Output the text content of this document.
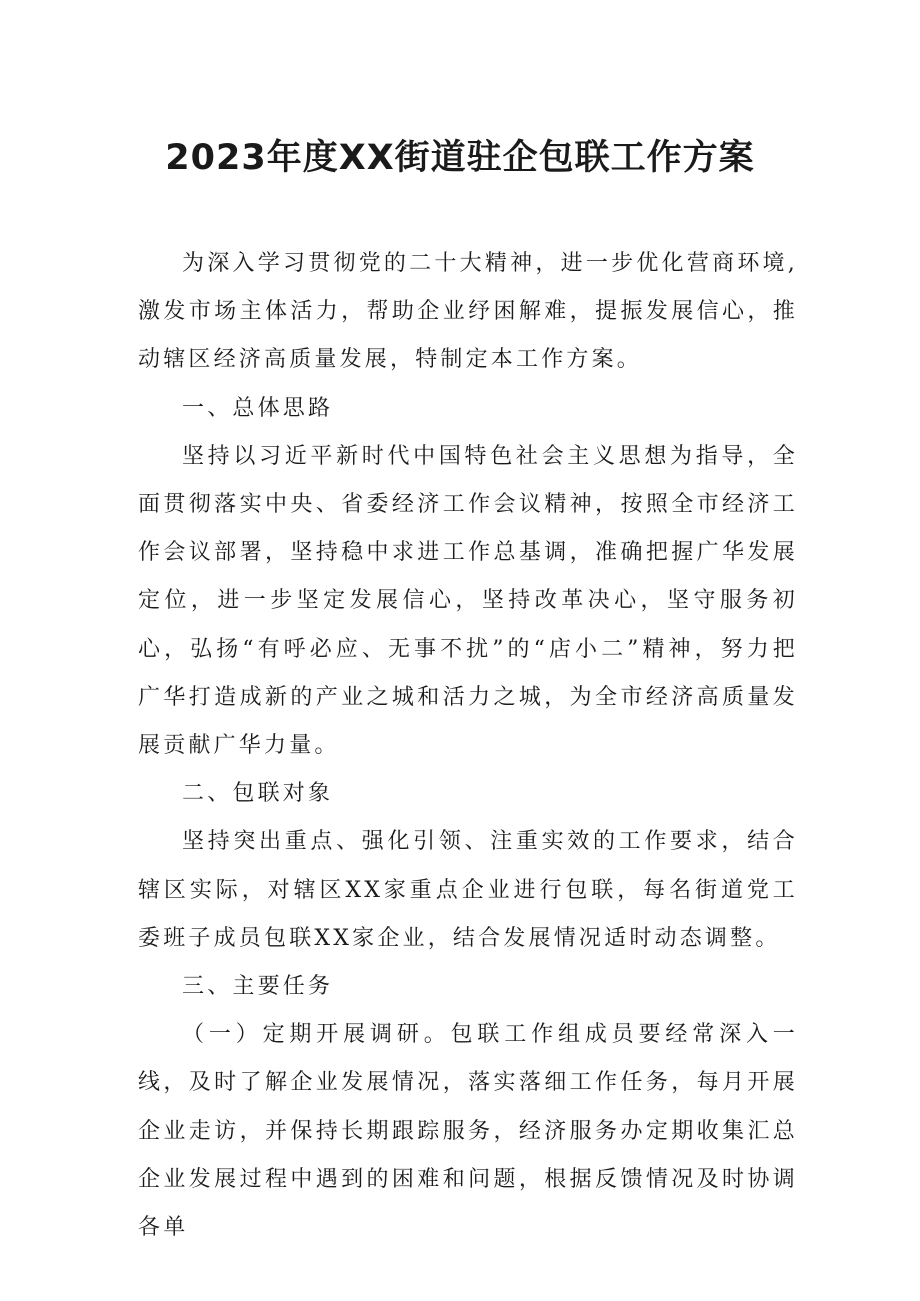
2023年度XX街道驻企包联工作方案

为深入学习贯彻党的二十大精神，进一步优化营商环境,激发市场主体活力，帮助企业纾困解难，提振发展信心，推动辖区经济高质量发展，特制定本工作方案。

一、总体思路

坚持以习近平新时代中国特色社会主义思想为指导，全面贯彻落实中央、省委经济工作会议精神，按照全市经济工作会议部署，坚持稳中求进工作总基调，准确把握广华发展定位，进一步坚定发展信心，坚持改革决心，坚守服务初心，弘扬“有呼必应、无事不扰”的“店小二”精神，努力把广华打造成新的产业之城和活力之城，为全市经济高质量发展贡献广华力量。

二、包联对象

坚持突出重点、强化引领、注重实效的工作要求，结合辖区实际，对辖区XX家重点企业进行包联，每名街道党工委班子成员包联XX家企业，结合发展情况适时动态调整。

三、主要任务

（一）定期开展调研。包联工作组成员要经常深入一线，及时了解企业发展情况，落实落细工作任务，每月开展企业走访，并保持长期跟踪服务，经济服务办定期收集汇总企业发展过程中遇到的困难和问题，根据反馈情况及时协调各单
